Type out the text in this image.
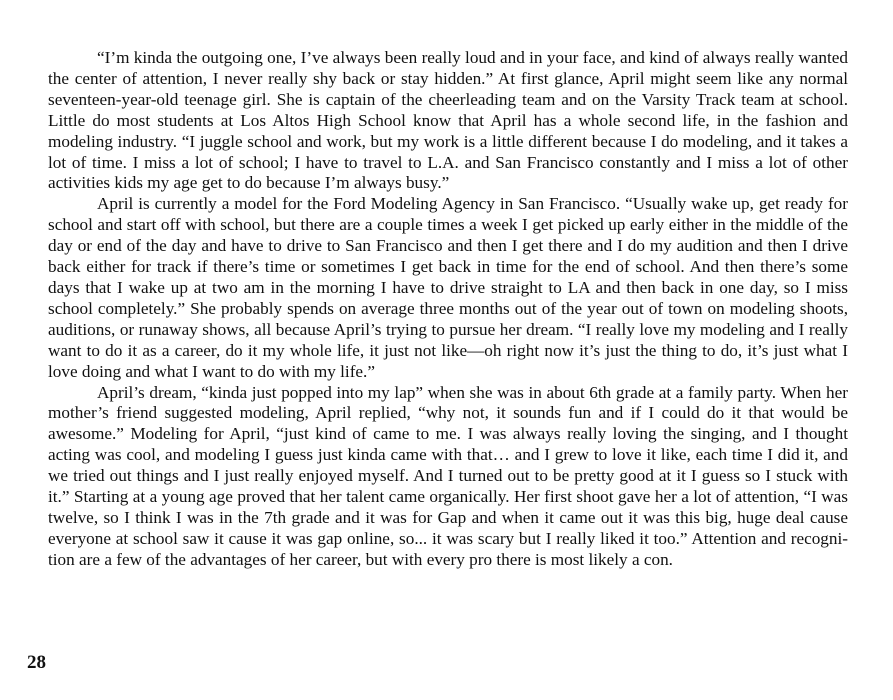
“I’m kinda the outgoing one, I’ve always been really loud and in your face, and kind of always really wanted the center of attention, I never really shy back or stay hidden.” At first glance, April might seem like any normal seventeen-year-old teenage girl. She is captain of the cheerleading team and on the Varsity Track team at school. Little do most students at Los Altos High School know that April has a whole second life, in the fashion and modeling industry. “I juggle school and work, but my work is a little different because I do modeling, and it takes a lot of time. I miss a lot of school; I have to travel to L.A. and San Francisco constantly and I miss a lot of other activities kids my age get to do because I’m always busy.”

April is currently a model for the Ford Modeling Agency in San Francisco. “Usually wake up, get ready for school and start off with school, but there are a couple times a week I get picked up early either in the middle of the day or end of the day and have to drive to San Francisco and then I get there and I do my audition and then I drive back either for track if there’s time or sometimes I get back in time for the end of school. And then there’s some days that I wake up at two am in the morning I have to drive straight to LA and then back in one day, so I miss school completely.” She probably spends on average three months out of the year out of town on modeling shoots, auditions, or runaway shows, all because April’s trying to pursue her dream. “I really love my modeling and I really want to do it as a career, do it my whole life, it just not like—oh right now it’s just the thing to do, it’s just what I love doing and what I want to do with my life.”

April’s dream, “kinda just popped into my lap” when she was in about 6th grade at a family party. When her mother’s friend suggested modeling, April replied, “why not, it sounds fun and if I could do it that would be awesome.” Modeling for April, “just kind of came to me. I was always really loving the singing, and I thought acting was cool, and modeling I guess just kinda came with that… and I grew to love it like, each time I did it, and we tried out things and I just really enjoyed myself. And I turned out to be pretty good at it I guess so I stuck with it.” Starting at a young age proved that her talent came organically. Her first shoot gave her a lot of attention, “I was twelve, so I think I was in the 7th grade and it was for Gap and when it came out it was this big, huge deal cause everyone at school saw it cause it was gap online, so... it was scary but I really liked it too.” Attention and recognition are a few of the advantages of her career, but with every pro there is most likely a con.

28
